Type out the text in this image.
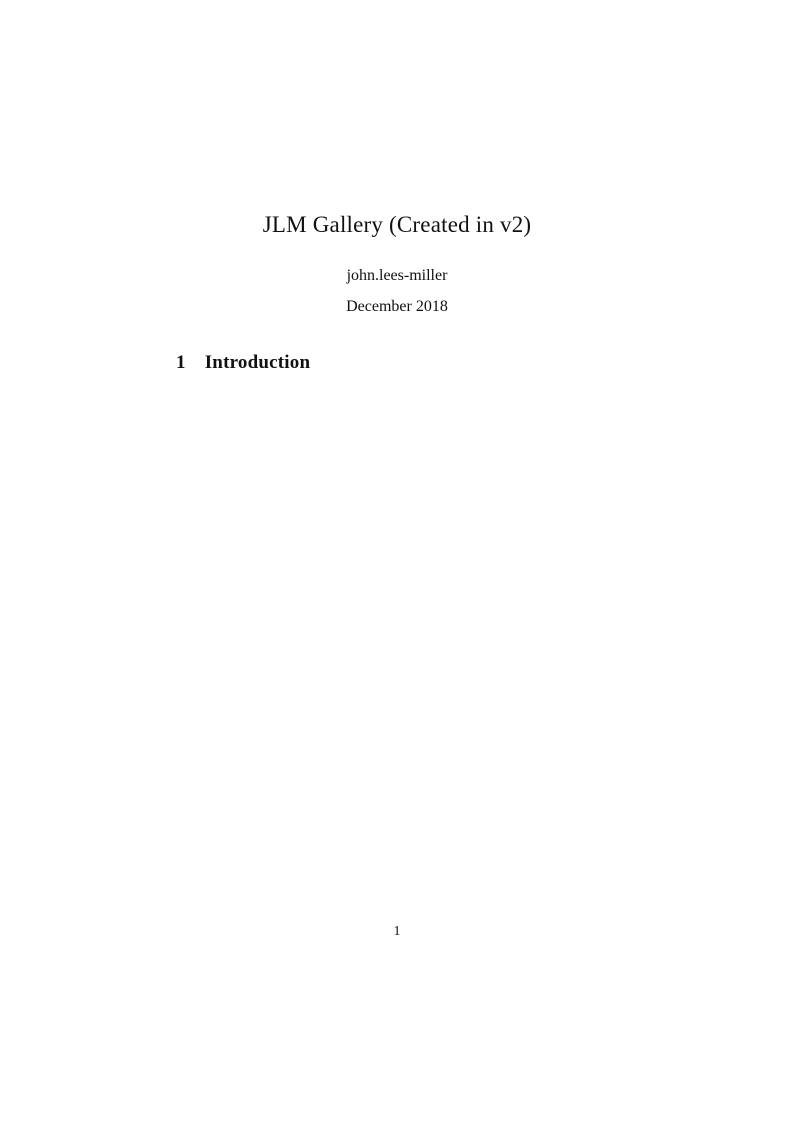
JLM Gallery (Created in v2)
john.lees-miller
December 2018
1 Introduction
1
